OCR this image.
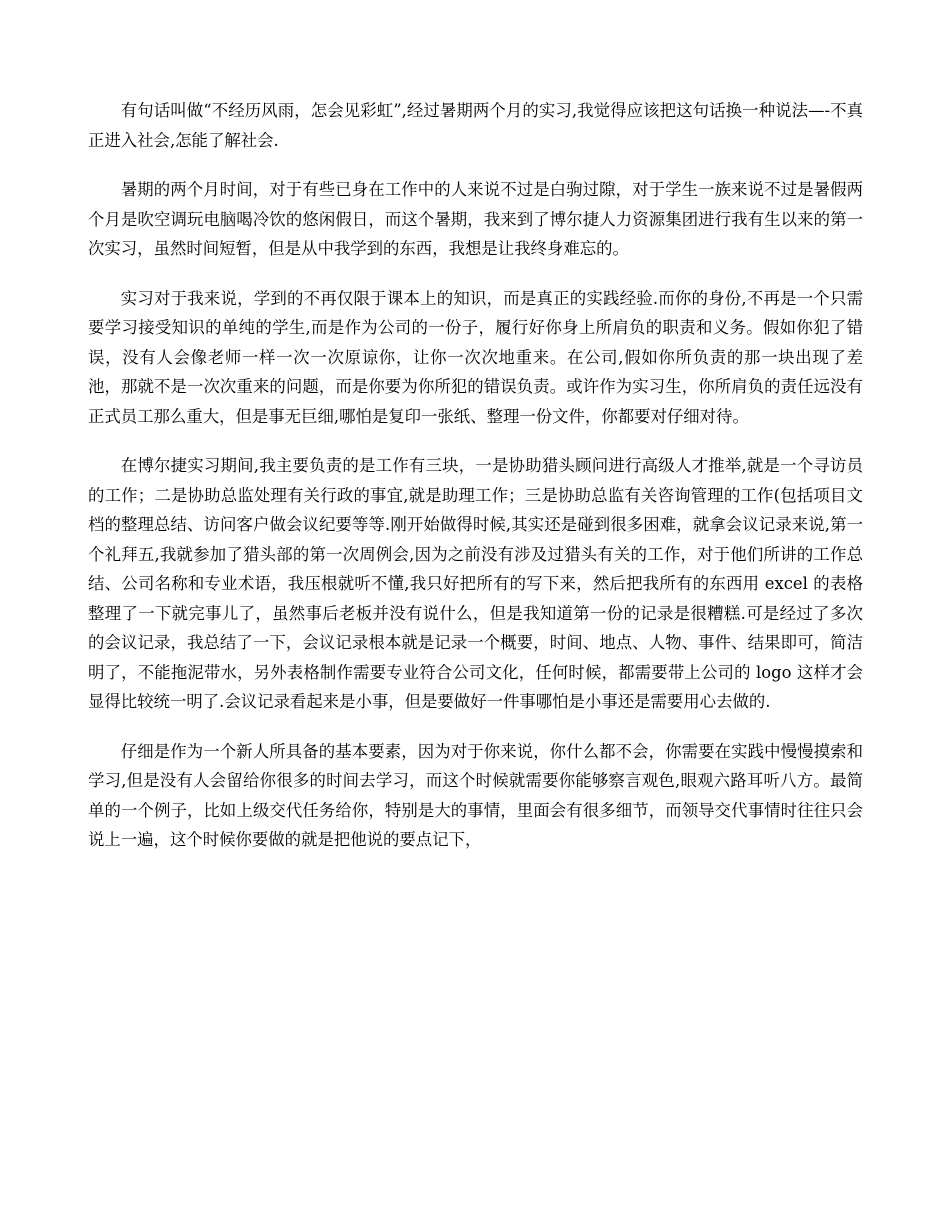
有句话叫做“不经历风雨，怎会见彩虹”,经过暑期两个月的实习,我觉得应该把这句话换一种说法—-不真正进入社会,怎能了解社会.

暑期的两个月时间，对于有些已身在工作中的人来说不过是白驹过隙，对于学生一族来说不过是暑假两个月是吹空调玩电脑喝冷饮的悠闲假日，而这个暑期，我来到了博尔捷人力资源集团进行我有生以来的第一次实习，虽然时间短暂，但是从中我学到的东西，我想是让我终身难忘的。

实习对于我来说，学到的不再仅限于课本上的知识，而是真正的实践经验.而你的身份,不再是一个只需要学习接受知识的单纯的学生,而是作为公司的一份子，履行好你身上所肩负的职责和义务。假如你犯了错误，没有人会像老师一样一次一次原谅你，让你一次次地重来。在公司,假如你所负责的那一块出现了差池，那就不是一次次重来的问题，而是你要为你所犯的错误负责。或许作为实习生，你所肩负的责任远没有正式员工那么重大，但是事无巨细,哪怕是复印一张纸、整理一份文件，你都要对仔细对待。

在博尔捷实习期间,我主要负责的是工作有三块，一是协助猎头顾问进行高级人才推举,就是一个寻访员的工作；二是协助总监处理有关行政的事宜,就是助理工作；三是协助总监有关咨询管理的工作(包括项目文档的整理总结、访问客户做会议纪要等等.刚开始做得时候,其实还是碰到很多困难，就拿会议记录来说,第一个礼拜五,我就参加了猎头部的第一次周例会,因为之前没有涉及过猎头有关的工作，对于他们所讲的工作总结、公司名称和专业术语，我压根就听不懂,我只好把所有的写下来，然后把我所有的东西用 excel 的表格整理了一下就完事儿了，虽然事后老板并没有说什么，但是我知道第一份的记录是很糟糕.可是经过了多次的会议记录，我总结了一下，会议记录根本就是记录一个概要，时间、地点、人物、事件、结果即可，简洁明了，不能拖泥带水，另外表格制作需要专业符合公司文化，任何时候，都需要带上公司的 logo 这样才会显得比较统一明了.会议记录看起来是小事，但是要做好一件事哪怕是小事还是需要用心去做的.

仔细是作为一个新人所具备的基本要素，因为对于你来说，你什么都不会，你需要在实践中慢慢摸索和学习,但是没有人会留给你很多的时间去学习，而这个时候就需要你能够察言观色,眼观六路耳听八方。最简单的一个例子，比如上级交代任务给你，特别是大的事情，里面会有很多细节，而领导交代事情时往往只会说上一遍，这个时候你要做的就是把他说的要点记下，
